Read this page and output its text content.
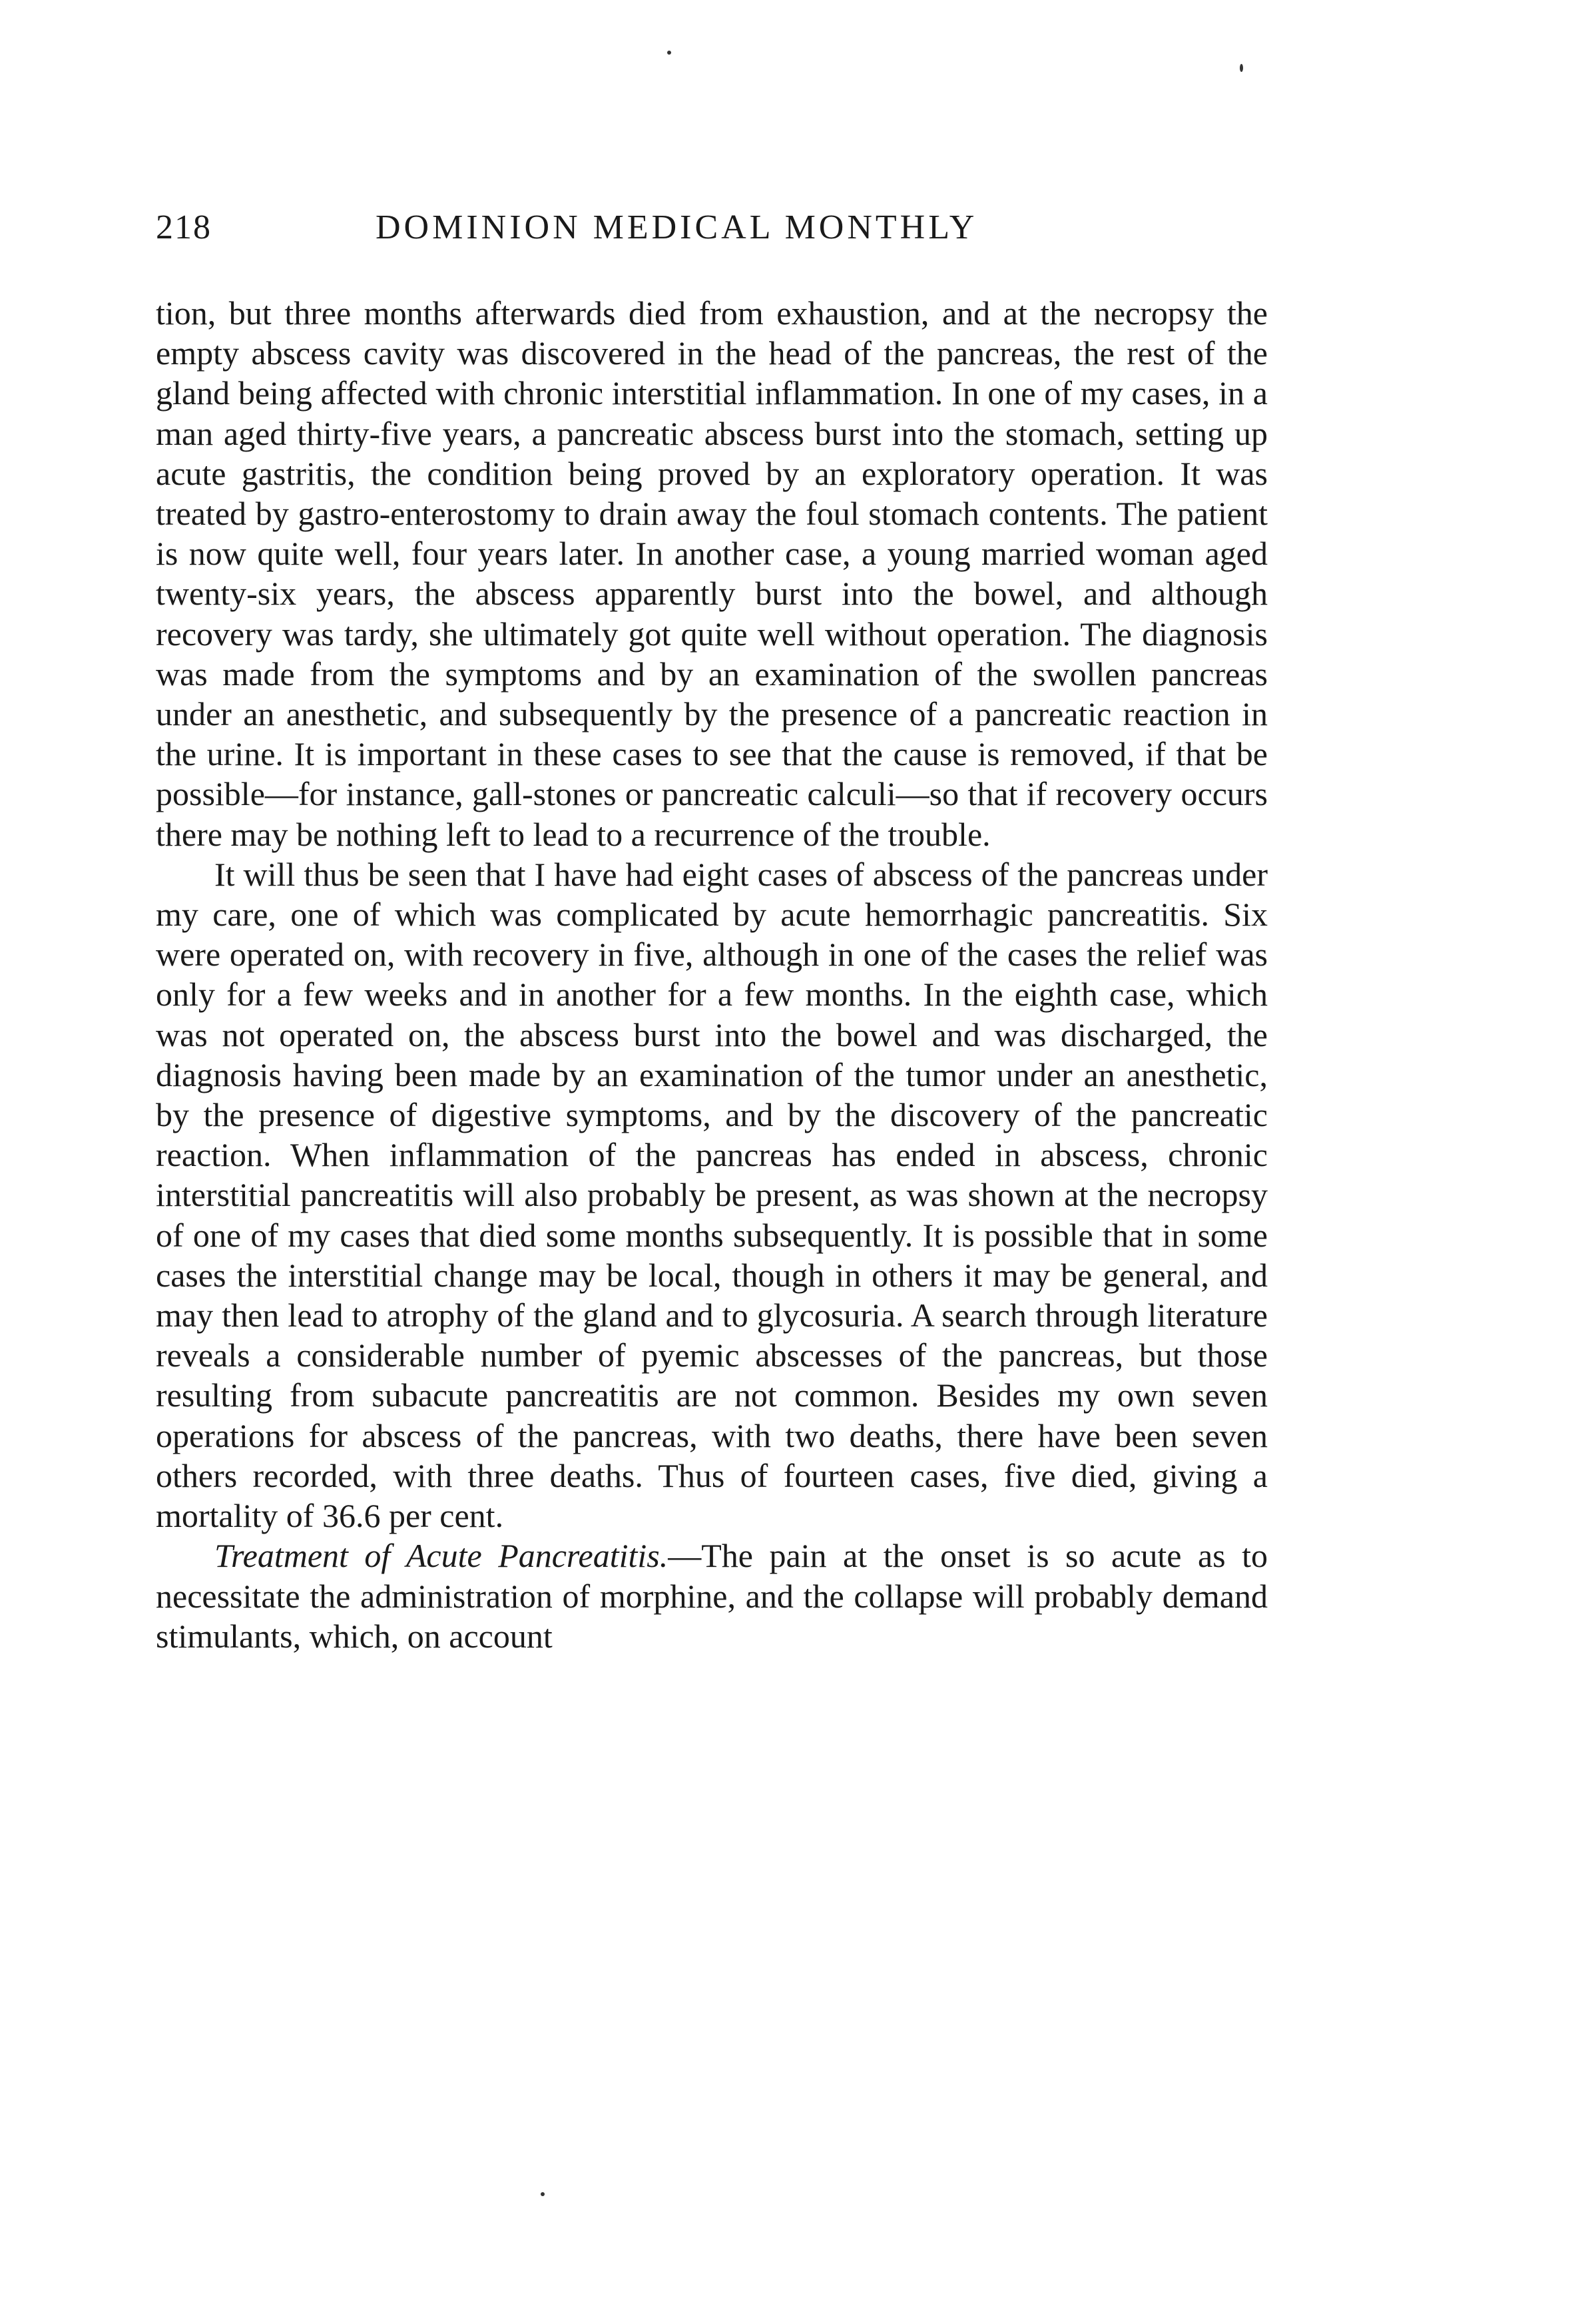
218	DOMINION MEDICAL MONTHLY

tion, but three months afterwards died from exhaustion, and at the necropsy the empty abscess cavity was discovered in the head of the pancreas, the rest of the gland being affected with chronic interstitial inflammation. In one of my cases, in a man aged thirty-five years, a pancreatic abscess burst into the stomach, setting up acute gastritis, the condition being proved by an exploratory operation. It was treated by gastro-enterostomy to drain away the foul stomach contents. The patient is now quite well, four years later. In another case, a young married woman aged twenty-six years, the abscess apparently burst into the bowel, and although recovery was tardy, she ultimately got quite well without operation. The diagnosis was made from the symptoms and by an examination of the swollen pancreas under an anesthetic, and subsequently by the presence of a pancreatic reaction in the urine. It is important in these cases to see that the cause is removed, if that be possible—for instance, gall-stones or pancreatic calculi—so that if recovery occurs there may be nothing left to lead to a recurrence of the trouble.

It will thus be seen that I have had eight cases of abscess of the pancreas under my care, one of which was complicated by acute hemorrhagic pancreatitis. Six were operated on, with recovery in five, although in one of the cases the relief was only for a few weeks and in another for a few months. In the eighth case, which was not operated on, the abscess burst into the bowel and was discharged, the diagnosis having been made by an examination of the tumor under an anesthetic, by the presence of digestive symptoms, and by the discovery of the pancreatic reaction. When inflammation of the pancreas has ended in abscess, chronic interstitial pancreatitis will also probably be present, as was shown at the necropsy of one of my cases that died some months subsequently. It is possible that in some cases the interstitial change may be local, though in others it may be general, and may then lead to atrophy of the gland and to glycosuria. A search through literature reveals a considerable number of pyemic abscesses of the pancreas, but those resulting from subacute pancreatitis are not common. Besides my own seven operations for abscess of the pancreas, with two deaths, there have been seven others recorded, with three deaths. Thus of fourteen cases, five died, giving a mortality of 36.6 per cent.

Treatment of Acute Pancreatitis.—The pain at the onset is so acute as to necessitate the administration of morphine, and the collapse will probably demand stimulants, which, on account
